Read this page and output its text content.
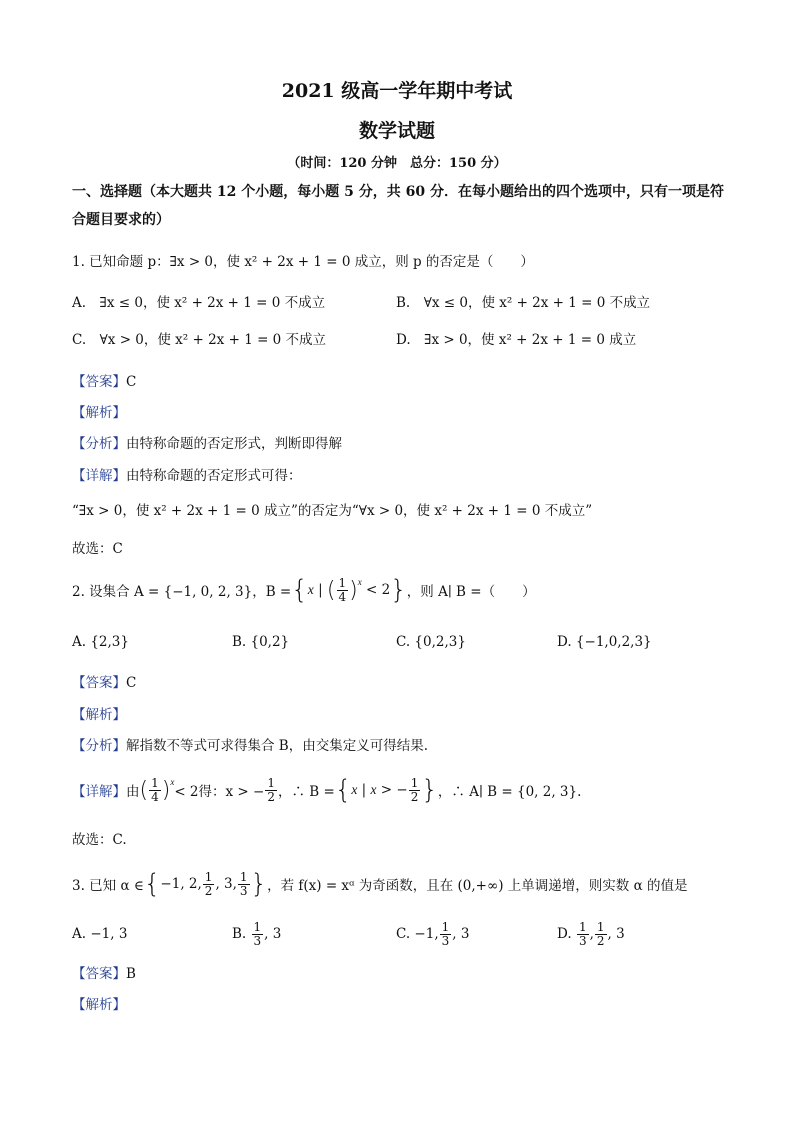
2021 级高一学年期中考试
数学试题
（时间：120 分钟　总分：150 分）
一、选择题（本大题共 12 个小题，每小题 5 分，共 60 分．在每小题给出的四个选项中，只有一项是符合题目要求的）
1. 已知命题 p：∃x > 0，使 x² + 2x + 1 = 0 成立，则 p 的否定是（　　）
A.　∃x ≤ 0，使 x² + 2x + 1 = 0 不成立	B.　∀x ≤ 0，使 x² + 2x + 1 = 0 不成立
C.　∀x > 0，使 x² + 2x + 1 = 0 不成立	D.　∃x > 0，使 x² + 2x + 1 = 0 成立
【答案】C
【解析】
【分析】由特称命题的否定形式，判断即得解
【详解】由特称命题的否定形式可得：
“∃x > 0，使 x² + 2x + 1 = 0 成立”的否定为“∀x > 0，使 x² + 2x + 1 = 0 不成立”
故选：C
2. 设集合 A = {−1, 0, 2, 3}，B = { x | ( $\frac{1}{4}$ ) x < 2 } ，则 A∣ B =（　　）
A. {2,3}	B. {0,2}	C. {0,2,3}	D. {−1,0,2,3}
【答案】C
【解析】
【分析】解指数不等式可求得集合 B，由交集定义可得结果.
【详解】 由 ( $\frac{1}{4}$ ) x
< 2得：x > − $\frac{1}{2}$ ，∴ B = { x | x > − $\frac{1}{2}$ } ，∴ A∣ B = {0, 2, 3}.
故选：C.
3. 已知 α ∈ { −1, 2, $\frac{1}{2}$ , 3, $\frac{1}{3}$ } ，若 f(x) = xᵅ 为奇函数，且在 (0,+∞) 上单调递增，则实数 α 的值是
A. −1, 3	B.
$\frac{1}{3}$ , 3	C. −1, $\frac{1}{3}$ , 3	D.
$\frac{1}{3}$ , $\frac{1}{2}$ , 3
【答案】B
【解析】
